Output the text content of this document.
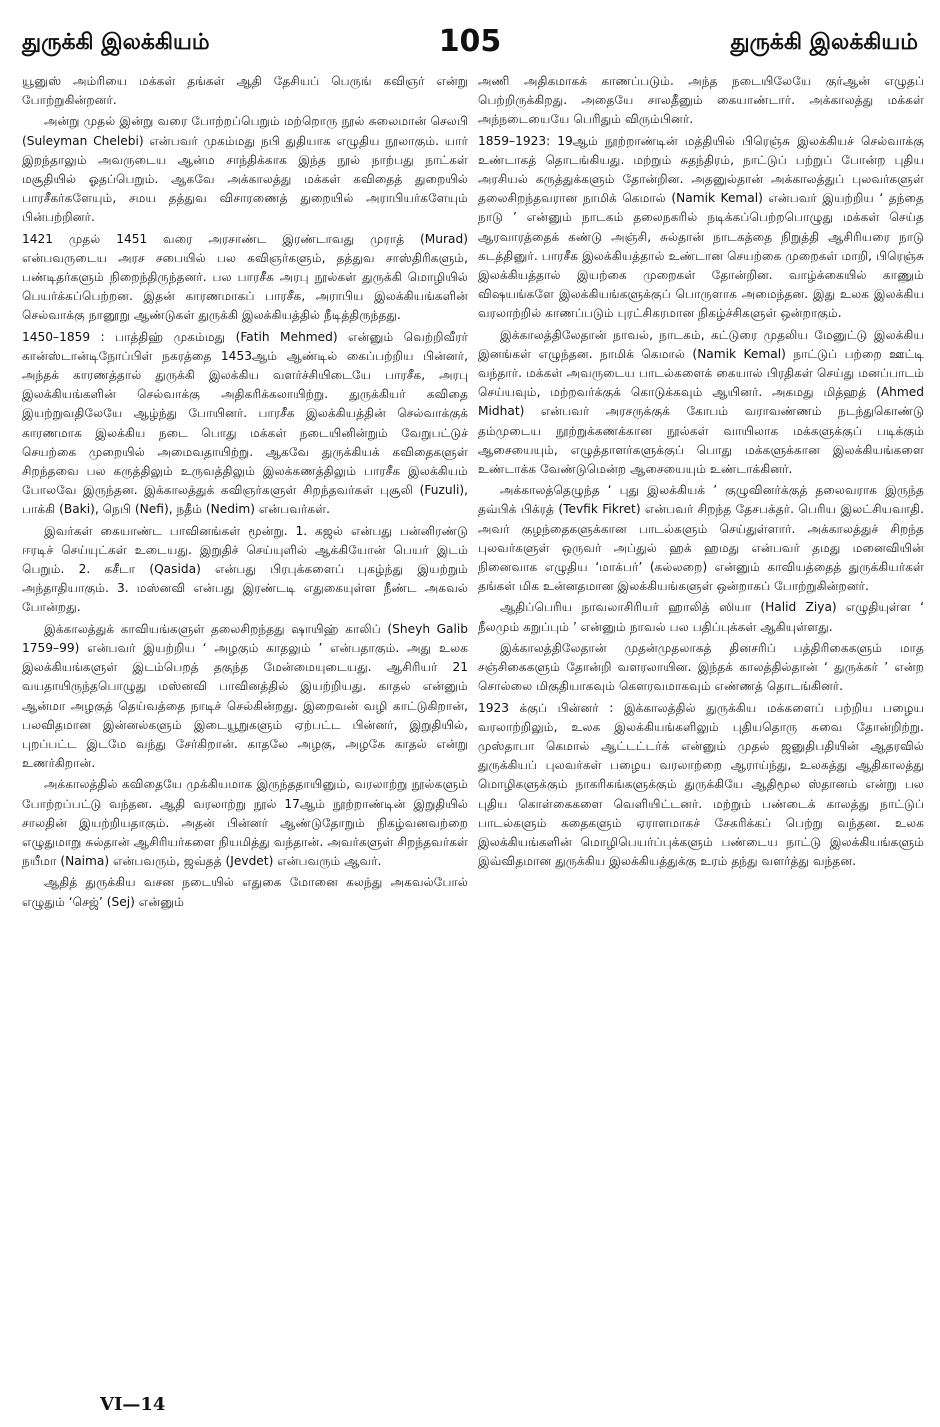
துருக்கி இலக்கியம்	105	துருக்கி இலக்கியம்

யூனுஸ் அம்ரியை மக்கள் தங்கள் ஆதி தேசியப் பெருங் கவிஞர் என்று போற்றுகின்றனர்.

அன்று முதல் இன்று வரை போற்றப்பெறும் மற்றொரு நூல் சுலைமான் செலபி (Suleyman Chelebi) என்பவர் முகம்மது நபி துதியாக எழுதிய நூலாகும். யார் இறந்தாலும் அவருடைய ஆன்ம சாந்திக்காக இந்த நூல் நாற்பது நாட்கள் மசூதியில் ஓதப்பெறும். ஆகவே அக்காலத்து மக்கள் கவிதைத் துறையில் பாரசீகர்களேயும், சமய தத்துவ விசாரணைத் துறையில் அராபியர்களேயும் பின்பற்றினர்.

1421 முதல் 1451 வரை அரசாண்ட இரண்டாவது முராத் (Murad) என்பவருடைய அரச சபையில் பல கவிஞர்களும், தத்துவ சாஸ்திரிகளும், பண்டிதர்களும் நிறைந்திருந்தனர். பல பாரசீக அரபு நூல்கள் துருக்கி மொழியில் பெயர்க்கப்பெற்றன. இதன் காரணமாகப் பாரசீக, அராபிய இலக்கியங்களின் செல்வாக்கு நானூறு ஆண்டுகள் துருக்கி இலக்கியத்தில் நீடித்திருந்தது.

1450–1859 : பாத்திஹ் முகம்மது (Fatih Mehmed) என்னும் வெற்றிவீரர் கான்ஸ்டான்டிநோப்பிள் நகரத்தை 1453ஆம் ஆண்டில் கைப்பற்றிய பின்னர், அந்தக் காரணத்தால் துருக்கி இலக்கிய வளர்ச்சியிடையே பாரசீக, அரபு இலக்கியங்களின் செல்வாக்கு அதிகரிக்கலாயிற்று. துருக்கியர் கவிதை இயற்றுவதிலேயே ஆழ்ந்து போயினர். பாரசீக இலக்கியத்தின் செல்வாக்குக் காரணமாக இலக்கிய நடை பொது மக்கள் நடையினின்றும் வேறுபட்டுச் செயற்கை முறையில் அமைவதாயிற்று. ஆகவே துருக்கியக் கவிதைகளுள் சிறந்தவை பல கருத்திலும் உருவத்திலும் இலக்கணத்திலும் பாரசீக இலக்கியம் போலவே இருந்தன. இக்காலத்துக் கவிஞர்களுள் சிறந்தவர்கள் புசூலி (Fuzuli), பாக்கி (Baki), நெபி (Nefi), நதீம் (Nedim) என்பவர்கள்.

இவர்கள் கையாண்ட பாவினங்கள் மூன்று. 1. கஜல் என்பது பன்னிரண்டு ஈரடிச் செய்யுட்கள் உடையது. இறுதிச் செய்யுளில் ஆக்கியோன் பெயர் இடம் பெறும். 2. கசீடா (Qasida) என்பது பிரபுக்களைப் புகழ்ந்து இயற்றும் அந்தாதியாகும். 3. மஸ்னவி என்பது இரண்டடி எதுகையுள்ள நீண்ட அகவல் போன்றது.

இக்காலத்துக் காவியங்களுள் தலைசிறந்தது ஷாயிஹ் காலிப் (Sheyh Galib 1759–99) என்பவர் இயற்றிய ‘ அழகும் காதலும் ’ என்பதாகும். அது உலக இலக்கியங்களுள் இடம்பெறத் தகுந்த மேன்மையுடையது. ஆசிரியர் 21 வயதாயிருந்தபொழுது மஸ்னவி பாவினத்தில் இயற்றியது. காதல் என்னும் ஆன்மா அழகுத் தெய்வத்தை நாடிச் செல்கின்றது. இறைவன் வழி காட்டுகிறான், பலவிதமான இன்னல்களும் இடையூறுகளும் ஏற்பட்ட பின்னர், இறுதியில், புறப்பட்ட இடமே வந்து சேர்கிறான். காதலே அழகு, அழகே காதல் என்று உணர்கிறான்.

அக்காலத்தில் கவிதையே முக்கியமாக இருந்ததாயினும், வரலாற்று நூல்களும் போற்றப்பட்டு வந்தன. ஆதி வரலாற்று நூல் 17ஆம் நூற்றாண்டின் இறுதியில் சாலதின் இயற்றியதாகும். அதன் பின்னர் ஆண்டுதோறும் நிகழ்வனவற்றை எழுதுமாறு சுல்தான் ஆசிரியர்களை நியமித்து வந்தான். அவர்களுள் சிறந்தவர்கள் நயீமா (Naima) என்பவரும், ஜவ்தத் (Jevdet) என்பவரும் ஆவர்.

ஆதித் துருக்கிய வசன நடையில் எதுகை மோனை கலந்து அகவல்போல் எழுதும் ‘செஜ்’ (Sej) என்னும்

அணி அதிகமாகக் காணப்படும். அந்த நடையிலேயே குர்ஆன் எழுதப் பெற்றிருக்கிறது. அதையே சாலதீனும் கையாண்டார். அக்காலத்து மக்கள் அந்நடையையே பெரிதும் விரும்பினர்.

1859–1923: 19ஆம் நூற்றாண்டின் மத்தியில் பிரெஞ்சு இலக்கியச் செல்வாக்கு உண்டாகத் தொடங்கியது. மற்றும் சுதந்திரம், நாட்டுப் பற்றுப் போன்ற புதிய அரசியல் கருத்துக்களும் தோன்றின. அதனுல்தான் அக்காலத்துப் புலவர்களுள் தலைசிறந்தவரான நாமிக் கெமால் (Namik Kemal) என்பவர் இயற்றிய ‘ தந்தை நாடு ’ என்னும் நாடகம் தலைநகரில் நடிக்கப்பெற்றபொழுது மக்கள் செய்த ஆரவாரத்தைக் கண்டு அஞ்சி, சுல்தான் நாடகத்தை நிறுத்தி ஆசிரியரை நாடு கடத்தினுர். பாரசீக இலக்கியத்தால் உண்டான செயற்கை முறைகள் மாறி, பிரெஞ்சு இலக்கியத்தால் இயற்கை முறைகள் தோன்றின. வாழ்க்கையில் காணும் விஷயங்களே இலக்கியங்களுக்குப் பொருளாக அமைந்தன. இது உலக இலக்கிய வரலாற்றில் காணப்படும் புரட்சிகரமான நிகழ்ச்சிகளுள் ஒன்றாகும்.

இக்காலத்திலேதான் நாவல், நாடகம், கட்டுரை முதலிய மேனுட்டு இலக்கிய இனங்கள் எழுந்தன. நாமிக் கெமால் (Namik Kemal) நாட்டுப் பற்றை ஊட்டி வந்தார். மக்கள் அவருடைய பாடல்களைக் கையால் பிரதிகள் செய்து மனப்பாடம் செய்யவும், மற்றவர்க்குக் கொடுக்கவும் ஆயினர். அகமது மித்ஹத் (Ahmed Midhat) என்பவர் அரசருக்குக் கோபம் வராவண்ணம் நடந்துகொண்டு தம்முடைய நூற்றுக்கணக்கான நூல்கள் வாயிலாக மக்களுக்குப் படிக்கும் ஆசையையும், எழுத்தாளர்களுக்குப் பொது மக்களுக்கான இலக்கியங்களை உண்டாக்க வேண்டுமென்ற ஆசையையும் உண்டாக்கினர்.

அக்காலத்தெழுந்த ‘ புது இலக்கியக் ’ குழுவினர்க்குத் தலைவராக இருந்த தவ்பிக் பிக்ரத் (Tevfik Fikret) என்பவர் சிறந்த தேசபக்தர். பெரிய இலட்சியவாதி. அவர் குழந்தைகளுக்கான பாடல்களும் செய்துள்ளார். அக்காலத்துச் சிறந்த புலவர்களுள் ஒருவர் அப்துல் ஹக் ஹமது என்பவர் தமது மனைவியின் நினைவாக எழுதிய ‘மாக்பர்’ (கல்லறை) என்னும் காவியத்தைத் துருக்கியர்கள் தங்கள் மிக உன்னதமான இலக்கியங்களுள் ஒன்றாகப் போற்றுகின்றனர்.

ஆதிப்பெரிய நாவலாசிரியர் ஹாலித் ஸியா (Halid Ziya) எழுதியுள்ள ‘ நீலமும் கறுப்பும் ’ என்னும் நாவல் பல பதிப்புக்கள் ஆகியுள்ளது.

இக்காலத்திலேதான் முதன்முதலாகத் தினசரிப் பத்திரிகைகளும் மாத சஞ்சிகைகளும் தோன்றி வளரலாயின. இந்தக் காலத்தில்தான் ‘ துருக்கர் ’ என்ற சொல்லை மிகுதியாகவும் கௌரவமாகவும் எண்ணத் தொடங்கினர்.

1923 க்குப் பின்னர் : இக்காலத்தில் துருக்கிய மக்களைப் பற்றிய பழைய வரலாற்றிலும், உலக இலக்கியங்களிலும் புதியதொரு சுவை தோன்றிற்று. முஸ்தாபா கெமால் ஆட்டட்டர்க் என்னும் முதல் ஜனுதிபதியின் ஆதரவில் துருக்கியப் புலவர்கள் பழைய வரலாற்றை ஆராய்ந்து, உலகத்து ஆதிகாலத்து மொழிகளுக்கும் நாகரிகங்களுக்கும் துருக்கியே ஆதிமூல ஸ்தானம் என்று பல புதிய கொள்கைகளை வெளியிட்டனர். மற்றும் பண்டைக் காலத்து நாட்டுப் பாடல்களும் கதைகளும் ஏராளமாகச் சேகரிக்கப் பெற்று வந்தன. உலக இலக்கியங்களின் மொழிபெயர்ப்புக்களும் பண்டைய நாட்டு இலக்கியங்களும் இவ்விதமான துருக்கிய இலக்கியத்துக்கு உரம் தந்து வளர்த்து வந்தன.

VI—14
